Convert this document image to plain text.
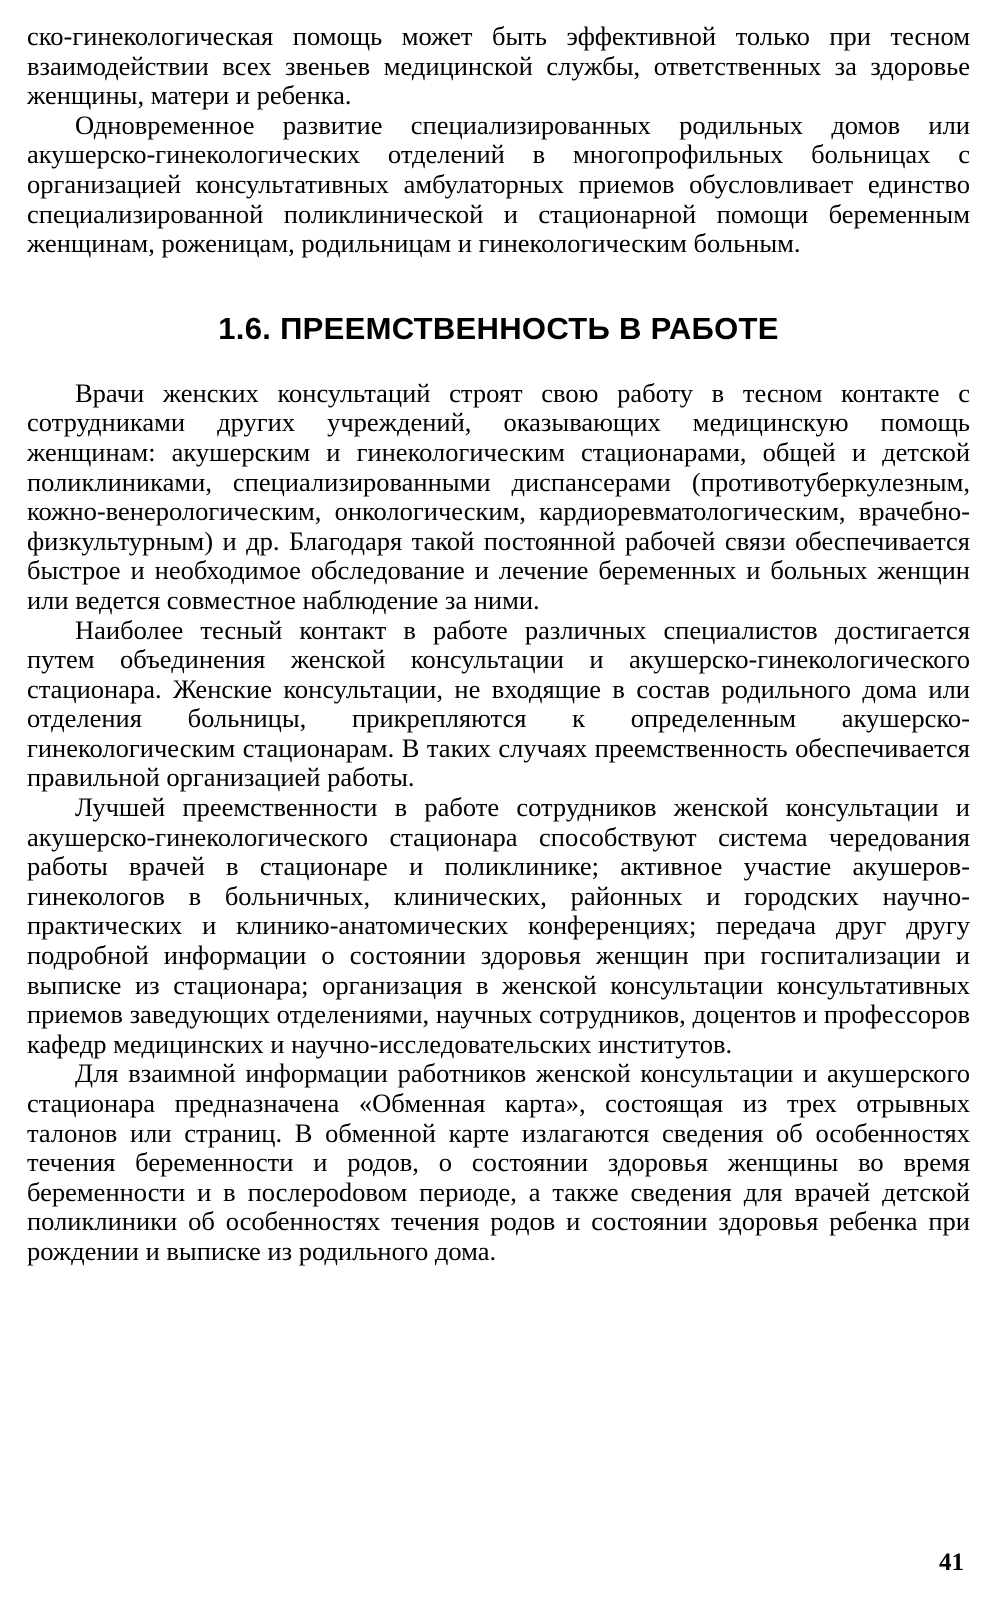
ско-гинекологическая помощь может быть эффективной только при тесном взаимодействии всех звеньев медицинской службы, ответственных за здоровье женщины, матери и ребенка.

Одновременное развитие специализированных родильных домов или акушерско-гинекологических отделений в многопрофильных больницах с организацией консультативных амбулаторных приемов обусловливает единство специализированной поликлинической и стационарной помощи беременным женщинам, роженицам, родильницам и гинекологическим больным.

1.6. ПРЕЕМСТВЕННОСТЬ В РАБОТЕ

Врачи женских консультаций строят свою работу в тесном контакте с сотрудниками других учреждений, оказывающих медицинскую помощь женщинам: акушерским и гинекологическим стационарами, общей и детской поликлиниками, специализированными диспансерами (противотуберкулезным, кожно-венерологическим, онкологическим, кардиоревматологическим, врачебно-физкультурным) и др. Благодаря такой постоянной рабочей связи обеспечивается быстрое и необходимое обследование и лечение беременных и больных женщин или ведется совместное наблюдение за ними.

Наиболее тесный контакт в работе различных специалистов достигается путем объединения женской консультации и акушерско-гинекологического стационара. Женские консультации, не входящие в состав родильного дома или отделения больницы, прикрепляются к определенным акушерско-гинекологическим стационарам. В таких случаях преемственность обеспечивается правильной организацией работы.

Лучшей преемственности в работе сотрудников женской консультации и акушерско-гинекологического стационара способствуют система чередования работы врачей в стационаре и поликлинике; активное участие акушеров-гинекологов в больничных, клинических, районных и городских научно-практических и клинико-анатомических конференциях; передача друг другу подробной информации о состоянии здоровья женщин при госпитализации и выписке из стационара; организация в женской консультации консультативных приемов заведующих отделениями, научных сотрудников, доцентов и профессоров кафедр медицинских и научно-исследовательских институтов.

Для взаимной информации работников женской консультации и акушерского стационара предназначена «Обменная карта», состоящая из трех отрывных талонов или страниц. В обменной карте излагаются сведения об особенностях течения беременности и родов, о состоянии здоровья женщины во время беременности и в послероdовом периоде, а также сведения для врачей детской поликлиники об особенностях течения родов и состоянии здоровья ребенка при рождении и выписке из родильного дома.

41
